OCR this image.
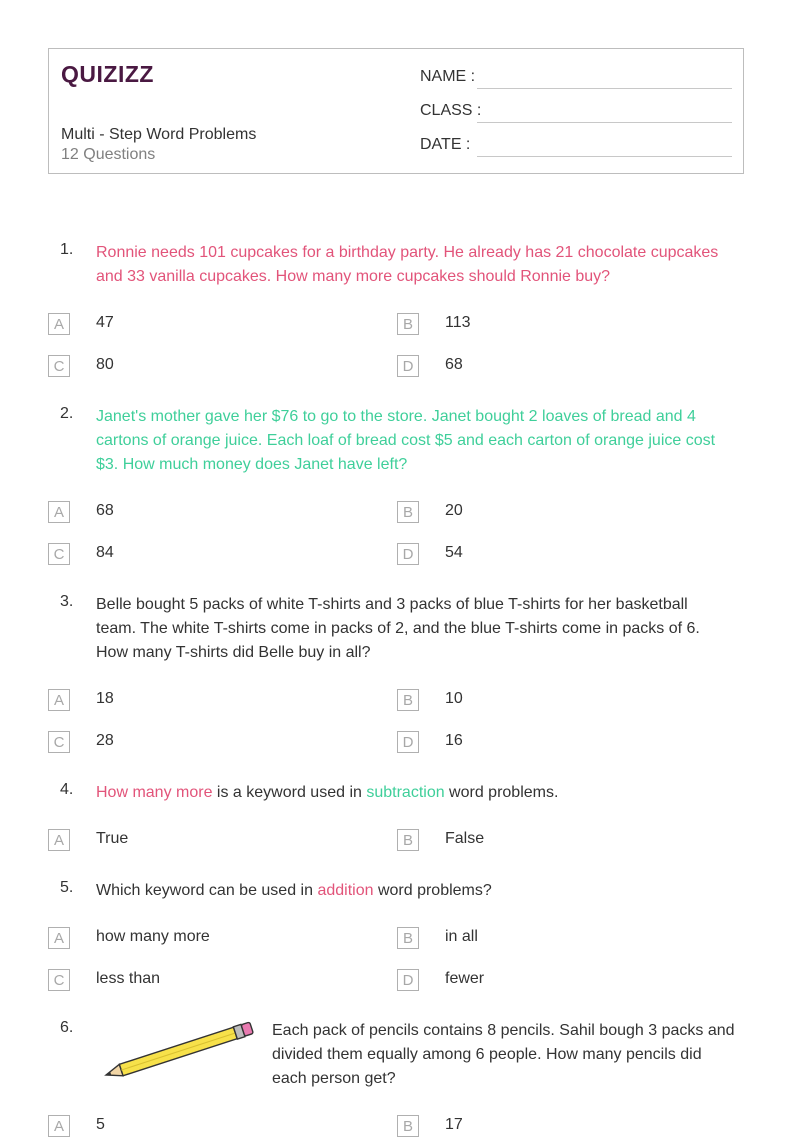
QUIZIZZ
Multi - Step Word Problems
12 Questions
NAME :
CLASS :
DATE :
1. Ronnie needs 101 cupcakes for a birthday party. He already has 21 chocolate cupcakes
and 33 vanilla cupcakes. How many more cupcakes should Ronnie buy?
A	47	B	113
C	80	D	68
2. Janet's mother gave her $76 to go to the store. Janet bought 2 loaves of bread and 4
cartons of orange juice. Each loaf of bread cost $5 and each carton of orange juice cost
$3. How much money does Janet have left?
A	68	B	20
C	84	D	54
3. Belle bought 5 packs of white T-shirts and 3 packs of blue T-shirts for her basketball
team. The white T-shirts come in packs of 2, and the blue T-shirts come in packs of 6.
How many T-shirts did Belle buy in all?
A	18	B	10
C	28	D	16
4. How many more is a keyword used in subtraction word problems.
A	True	B	False
5. Which keyword can be used in addition word problems?
A	how many more	B	in all
C	less than	D	fewer
6.	Each pack of pencils contains 8 pencils. Sahil bough 3 packs and
divided them equally among 6 people. How many pencils did
each person get?
A	5	B	17
